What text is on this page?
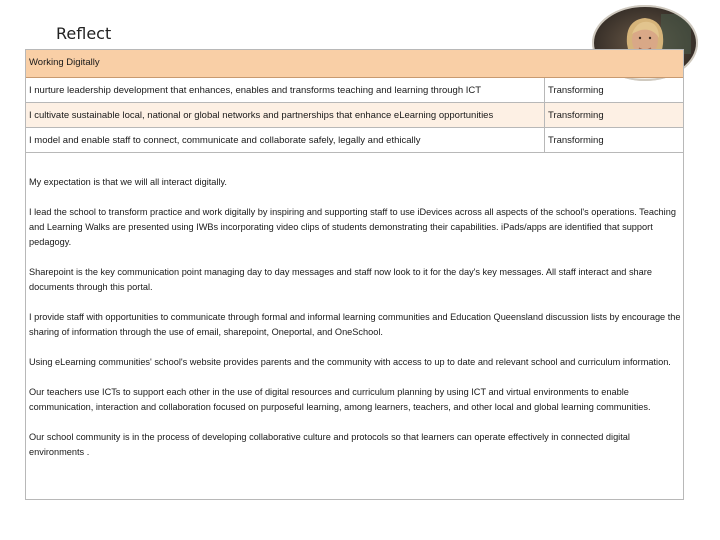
Reflect
Working Digitally
I nurture leadership development that enhances, enables and transforms teaching and learning through ICT	Transforming
I cultivate sustainable local, national or global networks and partnerships that enhance eLearning opportunities	Transforming
I model and enable staff to connect, communicate and collaborate safely, legally and ethically	Transforming

My expectation is that we will all interact digitally.

I lead the school to transform practice and work digitally by inspiring and supporting staff to use iDevices across all aspects of the school's operations. Teaching and Learning Walks are presented using IWBs incorporating video clips of students demonstrating their capabilities. iPads/apps are identified that support pedagogy.

Sharepoint is the key communication point managing day to day messages and staff now look to it for the day's key messages. All staff interact and share documents through this portal.

I provide staff with opportunities to communicate through formal and informal learning communities and Education Queensland discussion lists by encourage the sharing of information through the use of email, sharepoint, Oneportal, and OneSchool.

Using eLearning communities' school's website provides parents and the community with access to up to date and relevant school and curriculum information.

Our teachers use ICTs to support each other in the use of digital resources and curriculum planning by using ICT and virtual environments to enable communication, interaction and collaboration focused on purposeful learning, among learners, teachers, and other local and global learning communities.

Our school community is in the process of developing collaborative culture and protocols so that learners can operate effectively in connected digital environments .
